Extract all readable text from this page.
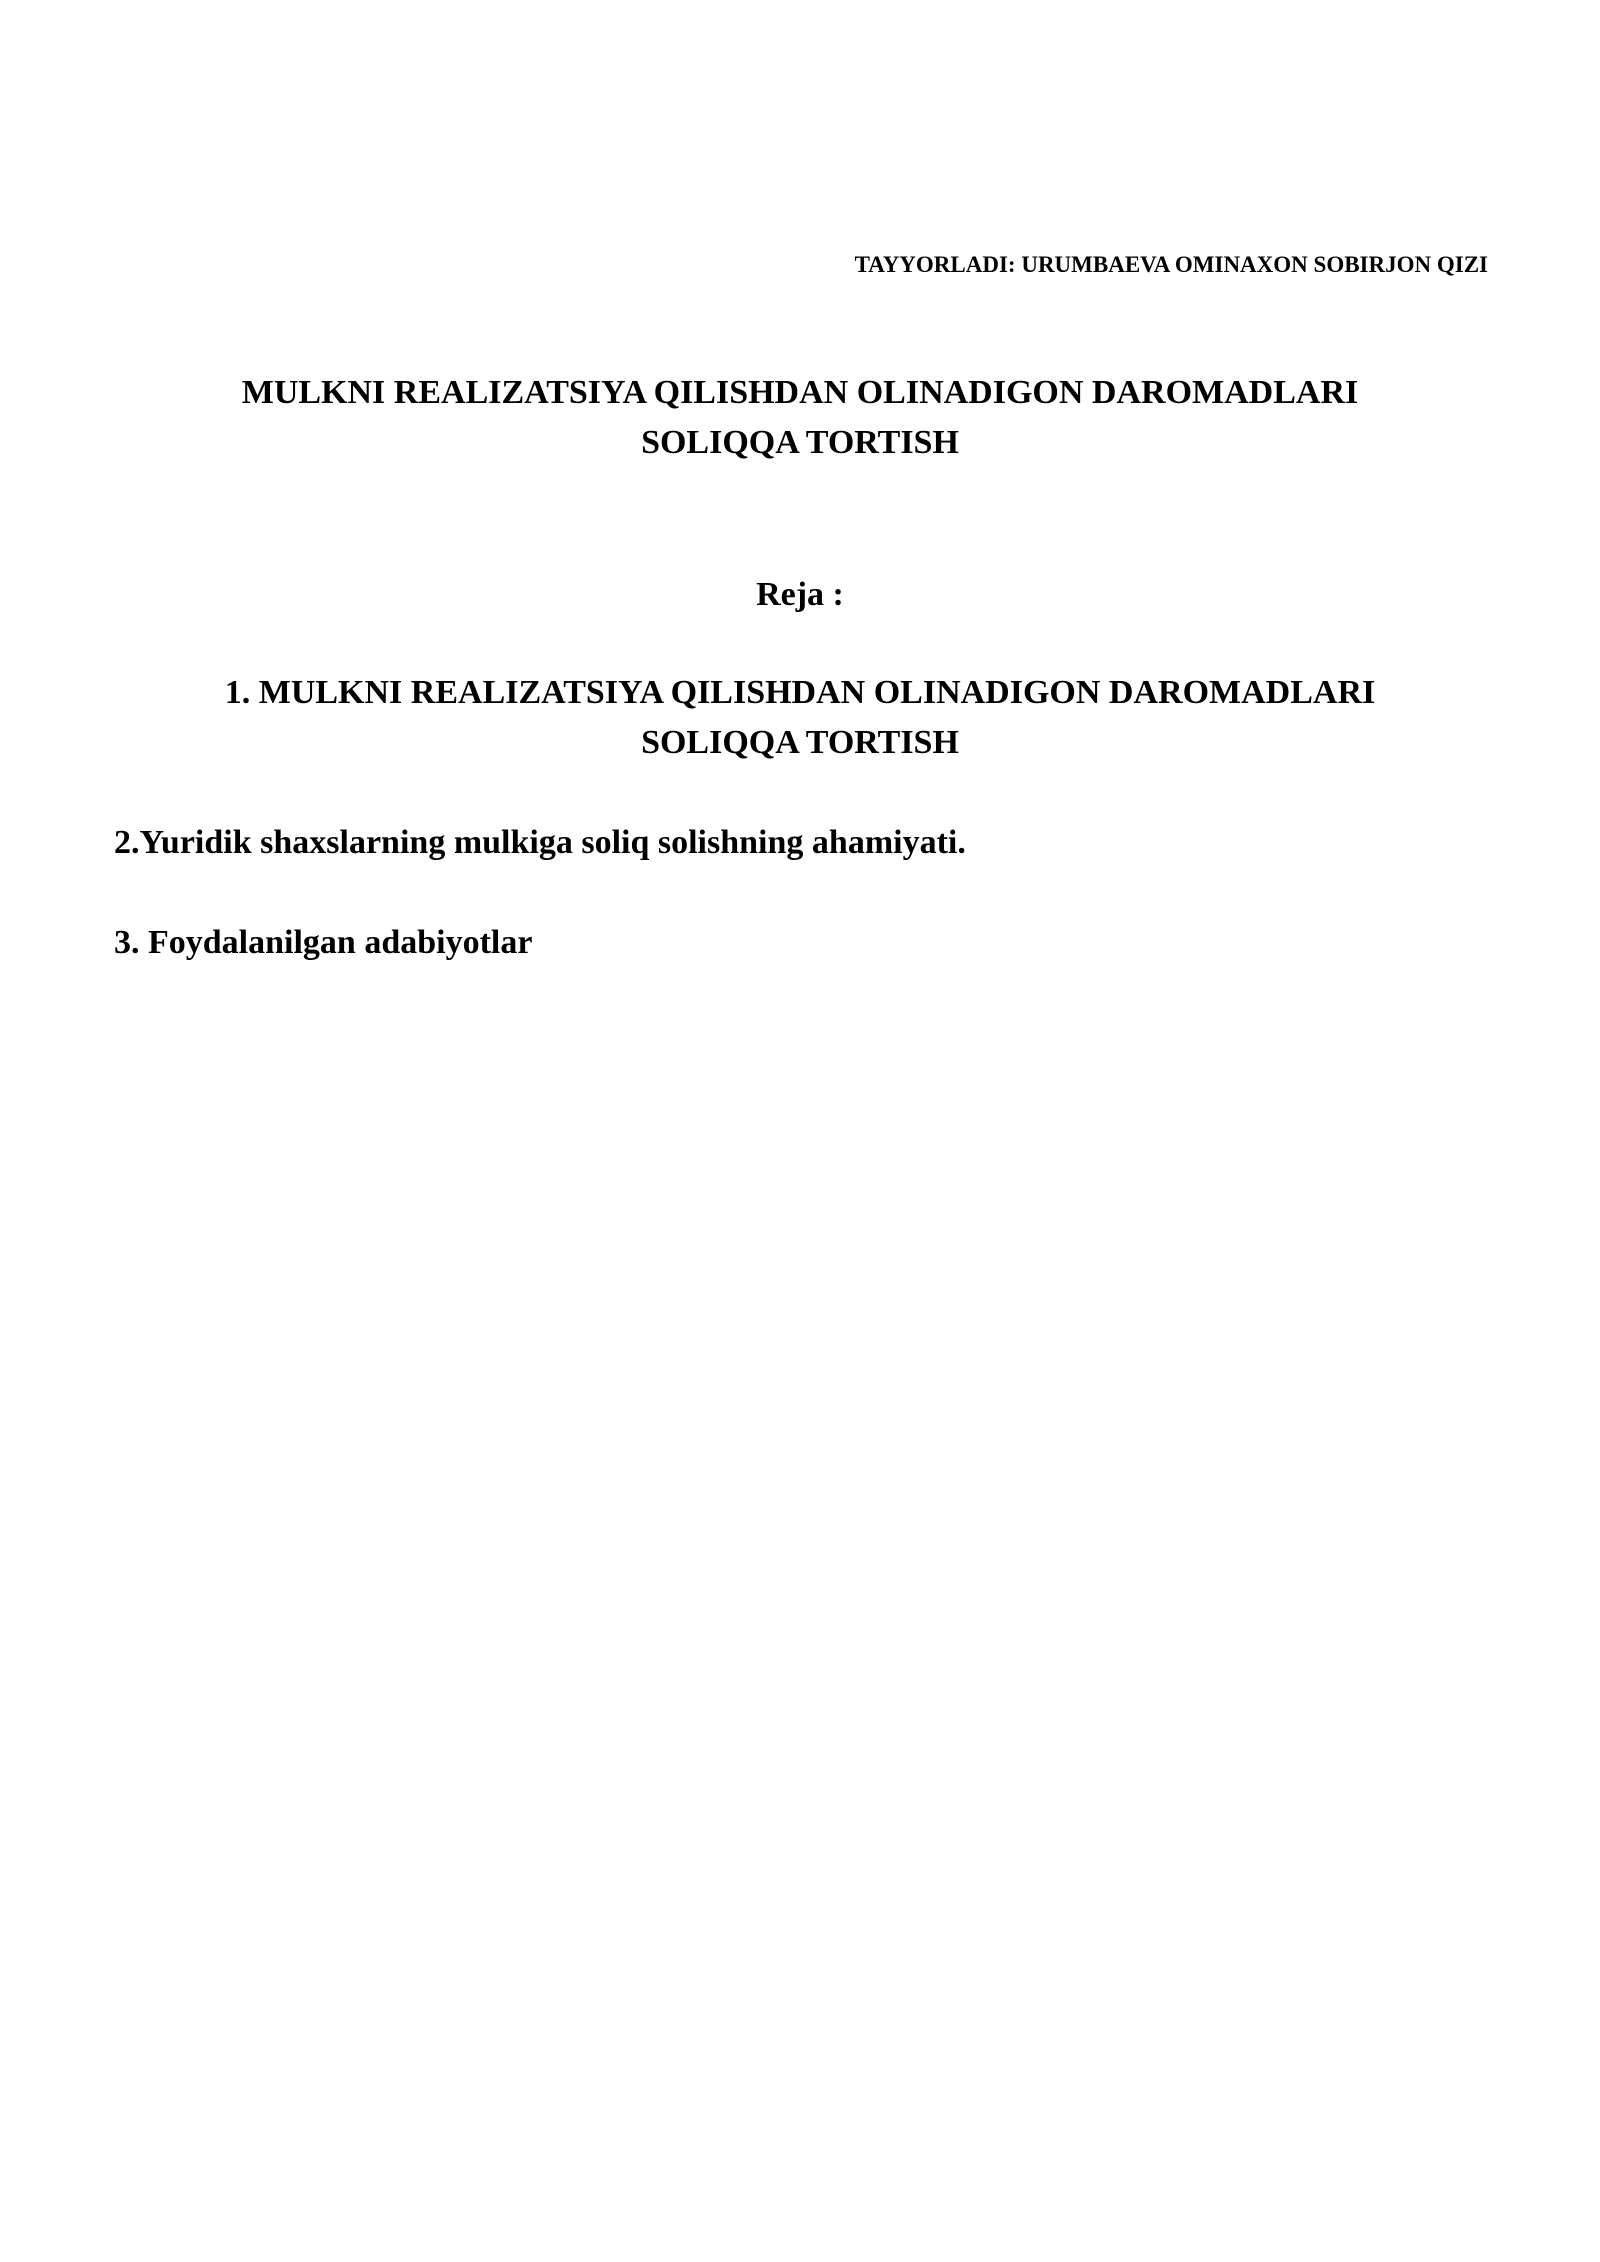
TAYYORLADI: URUMBAEVA OMINAXON SOBIRJON QIZI
MULKNI REALIZATSIYA QILISHDAN OLINADIGON DAROMADLARI
SOLIQQA TORTISH
Reja :
1. MULKNI REALIZATSIYA QILISHDAN OLINADIGON DAROMADLARI
SOLIQQA TORTISH
2.Yuridik shaxslarning mulkiga soliq solishning ahamiyati.
3. Foydalanilgan adabiyotlar
